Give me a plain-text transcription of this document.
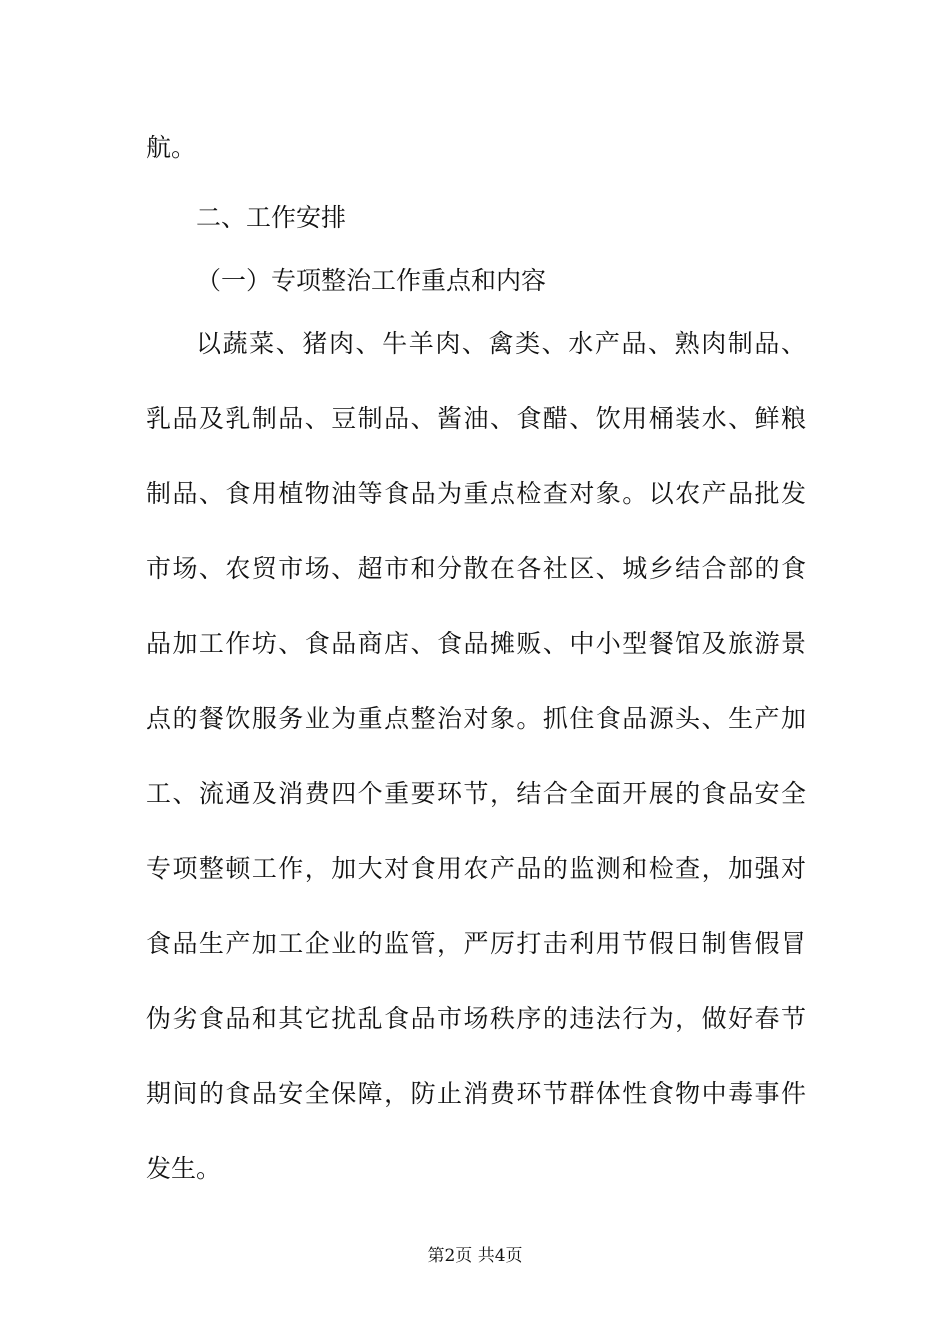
航。
二、工作安排
（一）专项整治工作重点和内容
以蔬菜、猪肉、牛羊肉、禽类、水产品、熟肉制品、
乳品及乳制品、豆制品、酱油、食醋、饮用桶装水、鲜粮
制品、食用植物油等食品为重点检查对象。以农产品批发
市场、农贸市场、超市和分散在各社区、城乡结合部的食
品加工作坊、食品商店、食品摊贩、中小型餐馆及旅游景
点的餐饮服务业为重点整治对象。抓住食品源头、生产加
工、流通及消费四个重要环节，结合全面开展的食品安全
专项整顿工作，加大对食用农产品的监测和检查，加强对
食品生产加工企业的监管，严厉打击利用节假日制售假冒
伪劣食品和其它扰乱食品市场秩序的违法行为，做好春节
期间的食品安全保障，防止消费环节群体性食物中毒事件
发生。
第2页 共4页
